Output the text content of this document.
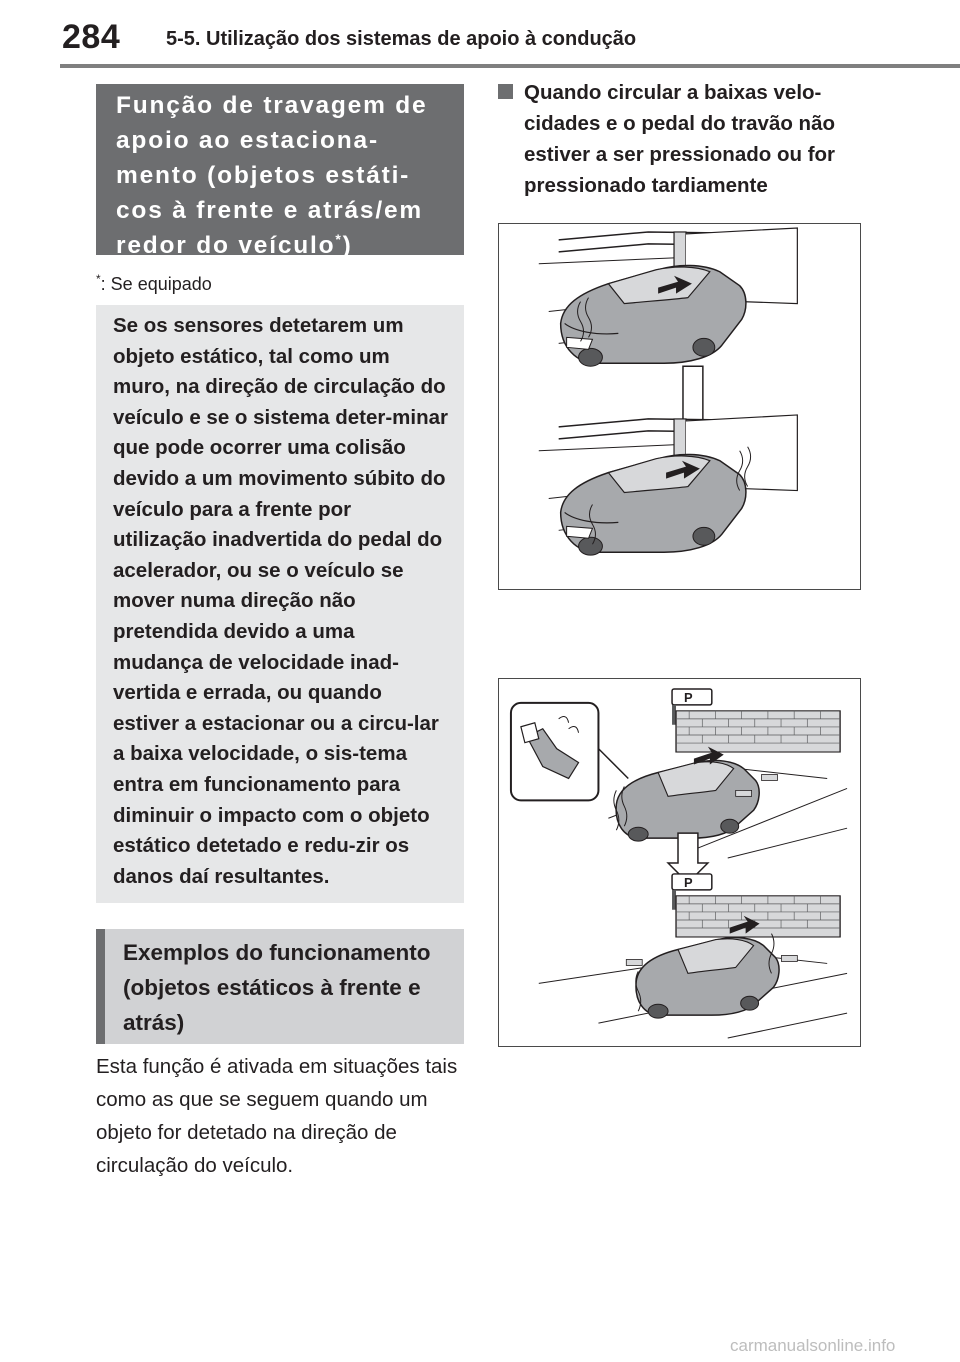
284 5-5. Utilização dos sistemas de apoio à condução
Função de travagem de apoio ao estaciona-mento (objetos estáti-cos à frente e atrás/em redor do veículo*)
*: Se equipado
Se os sensores detetarem um objeto estático, tal como um muro, na direção de circulação do veículo e se o sistema deter-minar que pode ocorrer uma colisão devido a um movimento súbito do veículo para a frente por utilização inadvertida do pedal do acelerador, ou se o veículo se mover numa direção não pretendida devido a uma mudança de velocidade inad-vertida e errada, ou quando estiver a estacionar ou a circu-lar a baixa velocidade, o sis-tema entra em funcionamento para diminuir o impacto com o objeto estático detetado e redu-zir os danos daí resultantes.
Exemplos do funcionamento (objetos estáticos à frente e atrás)
Esta função é ativada em situações tais como as que se seguem quando um objeto for detetado na direção de circulação do veículo.
Quando circular a baixas velo-cidades e o pedal do travão não estiver a ser pressionado ou for pressionado tardiamente
P
P
carmanualsonline.info
